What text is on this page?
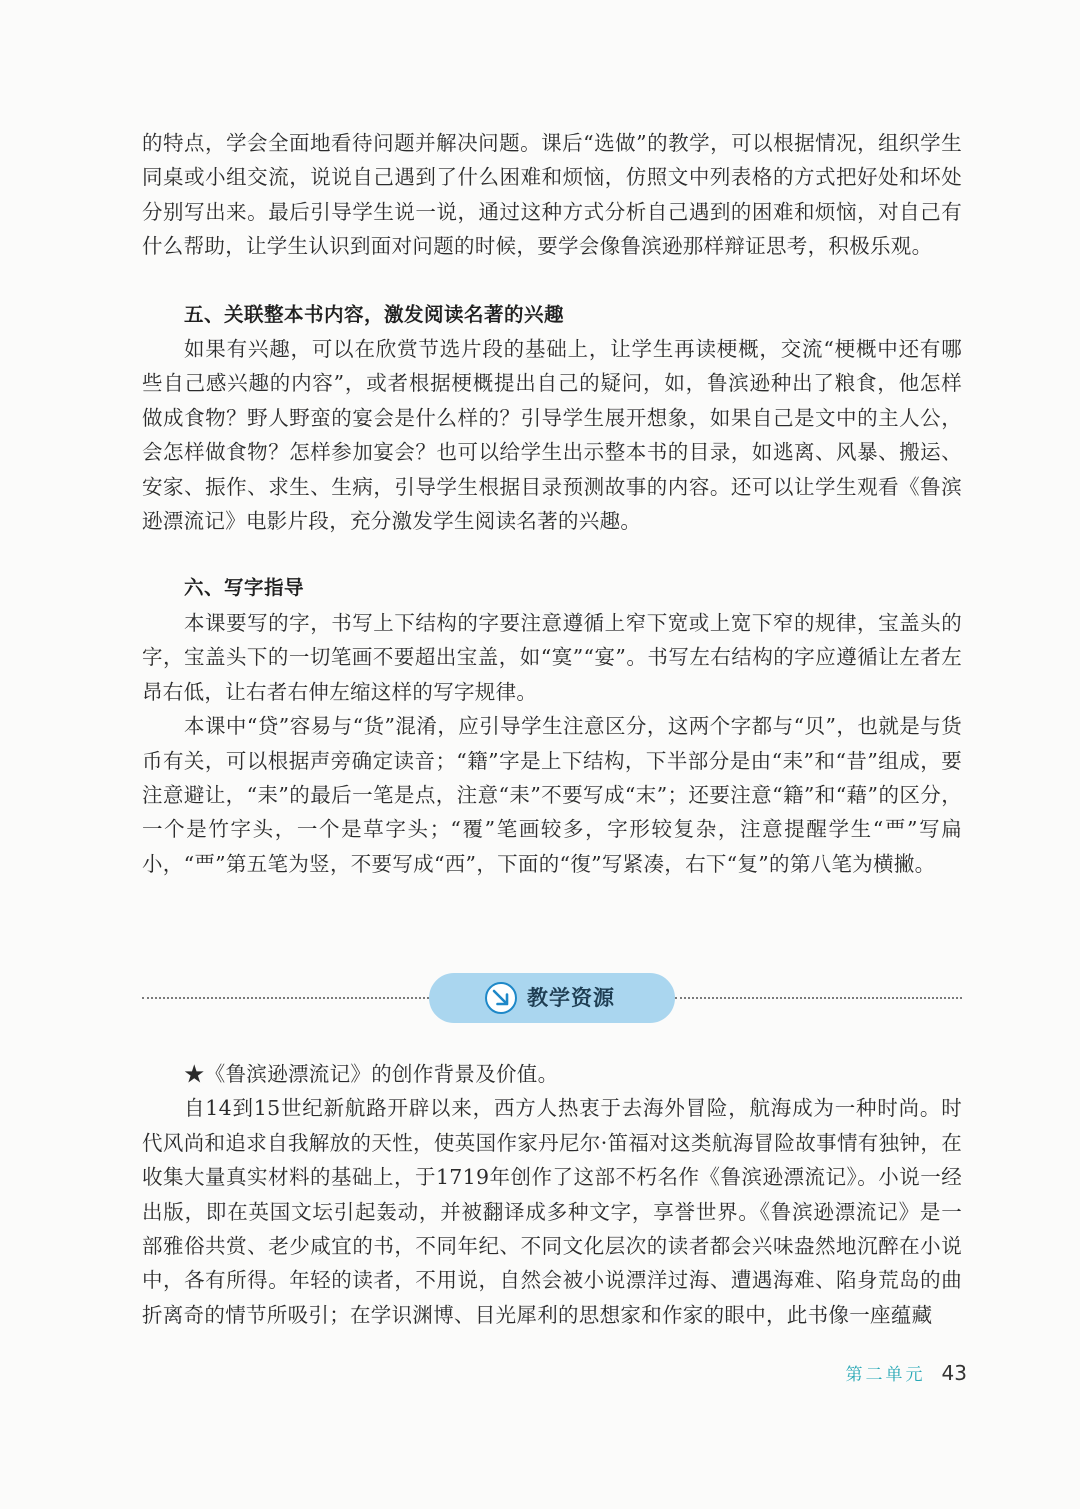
的特点，学会全面地看待问题并解决问题。课后“选做”的教学，可以根据情况，组织学生同桌或小组交流，说说自己遇到了什么困难和烦恼，仿照文中列表格的方式把好处和坏处分别写出来。最后引导学生说一说，通过这种方式分析自己遇到的困难和烦恼，对自己有什么帮助，让学生认识到面对问题的时候，要学会像鲁滨逊那样辩证思考，积极乐观。

五、关联整本书内容，激发阅读名著的兴趣

如果有兴趣，可以在欣赏节选片段的基础上，让学生再读梗概，交流“梗概中还有哪些自己感兴趣的内容”，或者根据梗概提出自己的疑问，如，鲁滨逊种出了粮食，他怎样做成食物？野人野蛮的宴会是什么样的？引导学生展开想象，如果自己是文中的主人公，会怎样做食物？怎样参加宴会？也可以给学生出示整本书的目录，如逃离、风暴、搬运、安家、振作、求生、生病，引导学生根据目录预测故事的内容。还可以让学生观看《鲁滨逊漂流记》电影片段，充分激发学生阅读名著的兴趣。

六、写字指导

本课要写的字，书写上下结构的字要注意遵循上窄下宽或上宽下窄的规律，宝盖头的字，宝盖头下的一切笔画不要超出宝盖，如“寞”“宴”。书写左右结构的字应遵循让左者左昂右低，让右者右伸左缩这样的写字规律。

本课中“贷”容易与“货”混淆，应引导学生注意区分，这两个字都与“贝”，也就是与货币有关，可以根据声旁确定读音；“籍”字是上下结构，下半部分是由“耒”和“昔”组成，要注意避让，“耒”的最后一笔是点，注意“耒”不要写成“末”；还要注意“籍”和“藉”的区分，一个是竹字头，一个是草字头；“覆”笔画较多，字形较复杂，注意提醒学生“覀”写扁小，“覀”第五笔为竖，不要写成“西”，下面的“復”写紧凑，右下“复”的第八笔为横撇。

教学资源

★《鲁滨逊漂流记》的创作背景及价值。

自14到15世纪新航路开辟以来，西方人热衷于去海外冒险，航海成为一种时尚。时代风尚和追求自我解放的天性，使英国作家丹尼尔·笛福对这类航海冒险故事情有独钟，在收集大量真实材料的基础上，于1719年创作了这部不朽名作《鲁滨逊漂流记》。小说一经出版，即在英国文坛引起轰动，并被翻译成多种文字，享誉世界。《鲁滨逊漂流记》是一部雅俗共赏、老少咸宜的书，不同年纪、不同文化层次的读者都会兴味盎然地沉醉在小说中，各有所得。年轻的读者，不用说，自然会被小说漂洋过海、遭遇海难、陷身荒岛的曲折离奇的情节所吸引；在学识渊博、目光犀利的思想家和作家的眼中，此书像一座蕴藏

第二单元 43
